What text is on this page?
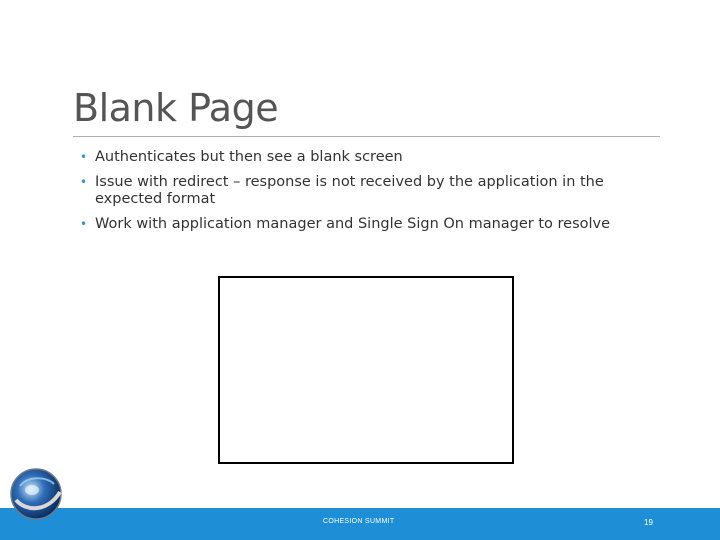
Blank Page
• Authenticates but then see a blank screen
• Issue with redirect – response is not received by the application in the expected format
• Work with application manager and Single Sign On manager to resolve
COHESION SUMMIT	19
